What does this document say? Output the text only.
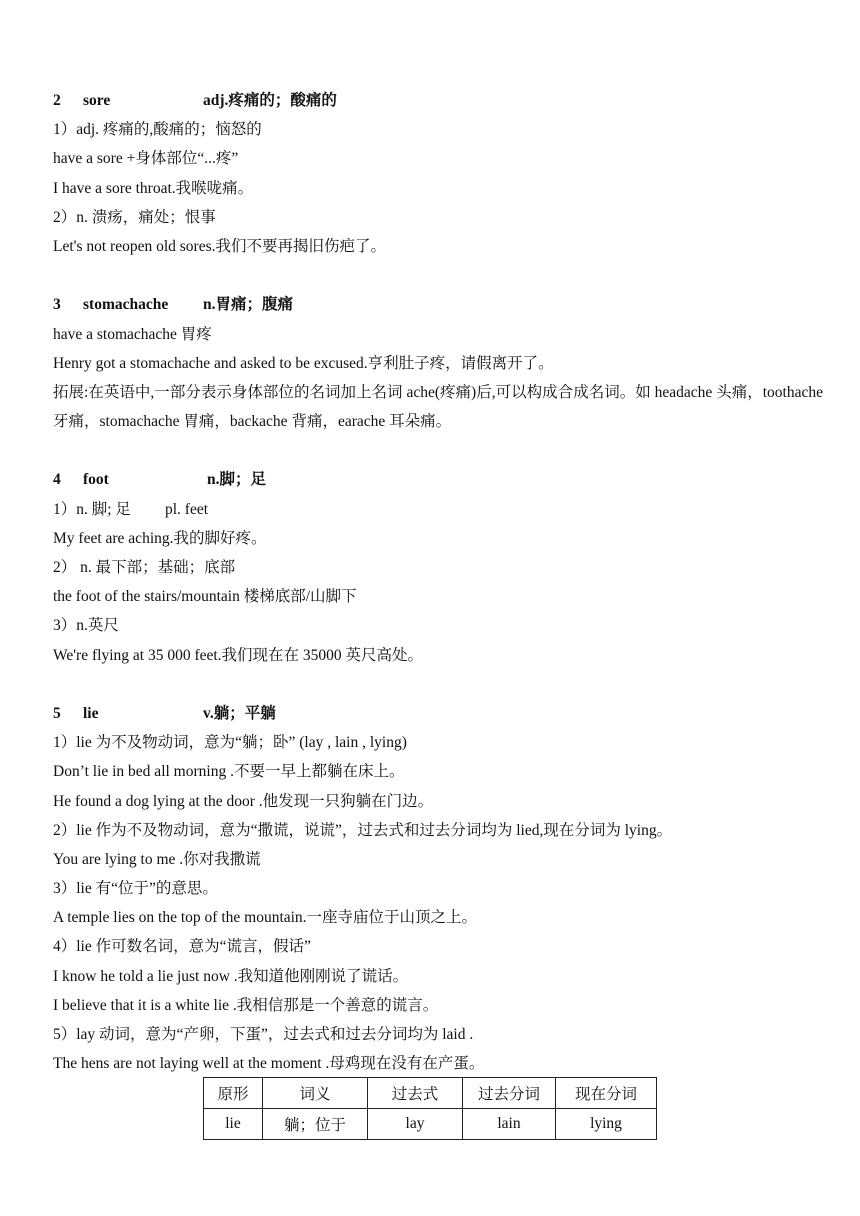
2 sore	adj.疼痛的；酸痛的
1）adj. 疼痛的,酸痛的；恼怒的
have a sore +身体部位“...疼”
I have a sore throat.我喉咙痛。
2）n. 溃疡，痛处；恨事
Let's not reopen old sores.我们不要再揭旧伤疤了。
3 stomachache n.胃痛；腹痛
have a stomachache 胃疼
Henry got a stomachache and asked to be excused.亨利肚子疼，请假离开了。
拓展:在英语中,一部分表示身体部位的名词加上名词 ache(疼痛)后,可以构成合成名词。如 headache 头痛，toothache 牙痛，stomachache 胃痛，backache 背痛，earache 耳朵痛。
4 foot	n.脚；足
1）n. 脚; 足 pl. feet
My feet are aching.我的脚好疼。
2） n. 最下部；基础；底部
the foot of the stairs/mountain 楼梯底部/山脚下
3）n.英尺
We're flying at 35 000 feet.我们现在在 35000 英尺高处。
5 lie	v.躺；平躺
1）lie 为不及物动词，意为“躺；卧” (lay , lain , lying)
Don’t lie in bed all morning .不要一早上都躺在床上。
He found a dog lying at the door .他发现一只狗躺在门边。
2）lie 作为不及物动词，意为“撒谎，说谎”，过去式和过去分词均为 lied,现在分词为 lying。
You are lying to me .你对我撒谎
3）lie 有“位于”的意思。
A temple lies on the top of the mountain.一座寺庙位于山顶之上。
4）lie 作可数名词，意为“谎言，假话”
I know he told a lie just now .我知道他刚刚说了谎话。
I believe that it is a white lie .我相信那是一个善意的谎言。
5）lay 动词，意为“产卵，下蛋”，过去式和过去分词均为 laid .
The hens are not laying well at the moment .母鸡现在没有在产蛋。
原形	词义	过去式	过去分词	现在分词
lie	躺；位于	lay	lain	lying
